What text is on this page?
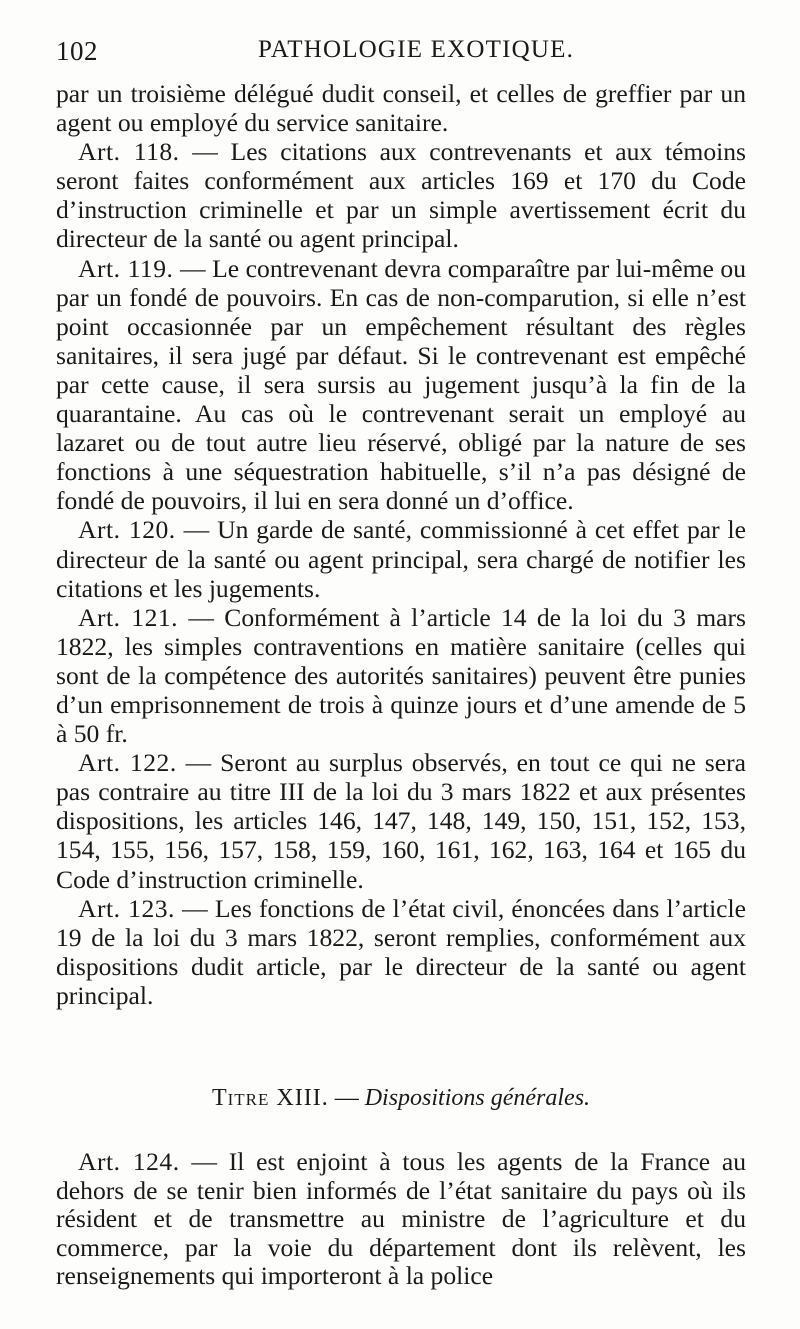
102	PATHOLOGIE EXOTIQUE.

par un troisième délégué dudit conseil, et celles de greffier par un agent ou employé du service sanitaire.

Art. 118. — Les citations aux contrevenants et aux témoins seront faites conformément aux articles 169 et 170 du Code d’instruction criminelle et par un simple avertissement écrit du directeur de la santé ou agent principal.

Art. 119. — Le contrevenant devra comparaître par lui-même ou par un fondé de pouvoirs. En cas de non-comparution, si elle n’est point occasionnée par un empêchement résultant des règles sanitaires, il sera jugé par défaut. Si le contrevenant est empêché par cette cause, il sera sursis au jugement jusqu’à la fin de la quarantaine. Au cas où le contrevenant serait un employé au lazaret ou de tout autre lieu réservé, obligé par la nature de ses fonctions à une séquestration habituelle, s’il n’a pas désigné de fondé de pouvoirs, il lui en sera donné un d’office.

Art. 120. — Un garde de santé, commissionné à cet effet par le directeur de la santé ou agent principal, sera chargé de notifier les citations et les jugements.

Art. 121. — Conformément à l’article 14 de la loi du 3 mars 1822, les simples contraventions en matière sanitaire (celles qui sont de la compétence des autorités sanitaires) peuvent être punies d’un emprisonnement de trois à quinze jours et d’une amende de 5 à 50 fr.

Art. 122. — Seront au surplus observés, en tout ce qui ne sera pas contraire au titre III de la loi du 3 mars 1822 et aux présentes dispositions, les articles 146, 147, 148, 149, 150, 151, 152, 153, 154, 155, 156, 157, 158, 159, 160, 161, 162, 163, 164 et 165 du Code d’instruction criminelle.

Art. 123. — Les fonctions de l’état civil, énoncées dans l’article 19 de la loi du 3 mars 1822, seront remplies, conformément aux dispositions dudit article, par le directeur de la santé ou agent principal.

Titre XIII. — Dispositions générales.

Art. 124. — Il est enjoint à tous les agents de la France au dehors de se tenir bien informés de l’état sanitaire du pays où ils résident et de transmettre au ministre de l’agriculture et du commerce, par la voie du département dont ils relèvent, les renseignements qui importeront à la police
